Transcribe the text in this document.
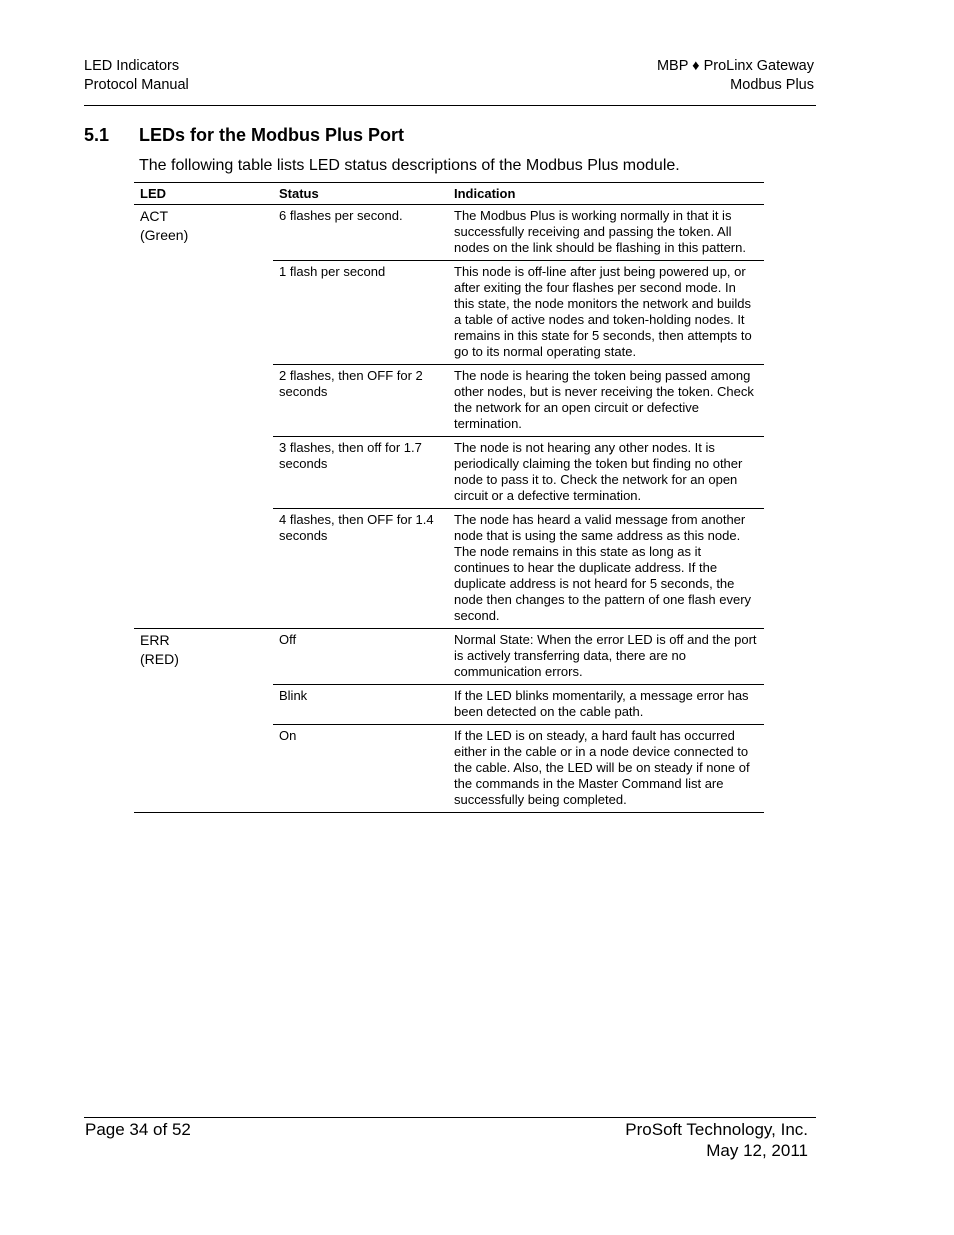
LED Indicators
Protocol Manual
MBP ♦ ProLinx Gateway
Modbus Plus
5.1 LEDs for the Modbus Plus Port
The following table lists LED status descriptions of the Modbus Plus module.
LED	Status	Indication

ACT
(Green)	6 flashes per second.	The Modbus Plus is working normally in that it is successfully receiving and passing the token. All nodes on the link should be flashing in this pattern.
	1 flash per second	This node is off-line after just being powered up, or after exiting the four flashes per second mode. In this state, the node monitors the network and builds a table of active nodes and token-holding nodes. It remains in this state for 5 seconds, then attempts to go to its normal operating state.
	2 flashes, then OFF for 2 seconds	The node is hearing the token being passed among other nodes, but is never receiving the token. Check the network for an open circuit or defective termination.
	3 flashes, then off for 1.7 seconds	The node is not hearing any other nodes. It is periodically claiming the token but finding no other node to pass it to. Check the network for an open circuit or a defective termination.
	4 flashes, then OFF for 1.4 seconds	The node has heard a valid message from another node that is using the same address as this node. The node remains in this state as long as it continues to hear the duplicate address. If the duplicate address is not heard for 5 seconds, the node then changes to the pattern of one flash every second.

ERR
(RED)	Off	Normal State: When the error LED is off and the port is actively transferring data, there are no communication errors.
	Blink	If the LED blinks momentarily, a message error has been detected on the cable path.
	On	If the LED is on steady, a hard fault has occurred either in the cable or in a node device connected to the cable. Also, the LED will be on steady if none of the commands in the Master Command list are successfully being completed.
Page 34 of 52	ProSoft Technology, Inc.
May 12, 2011
